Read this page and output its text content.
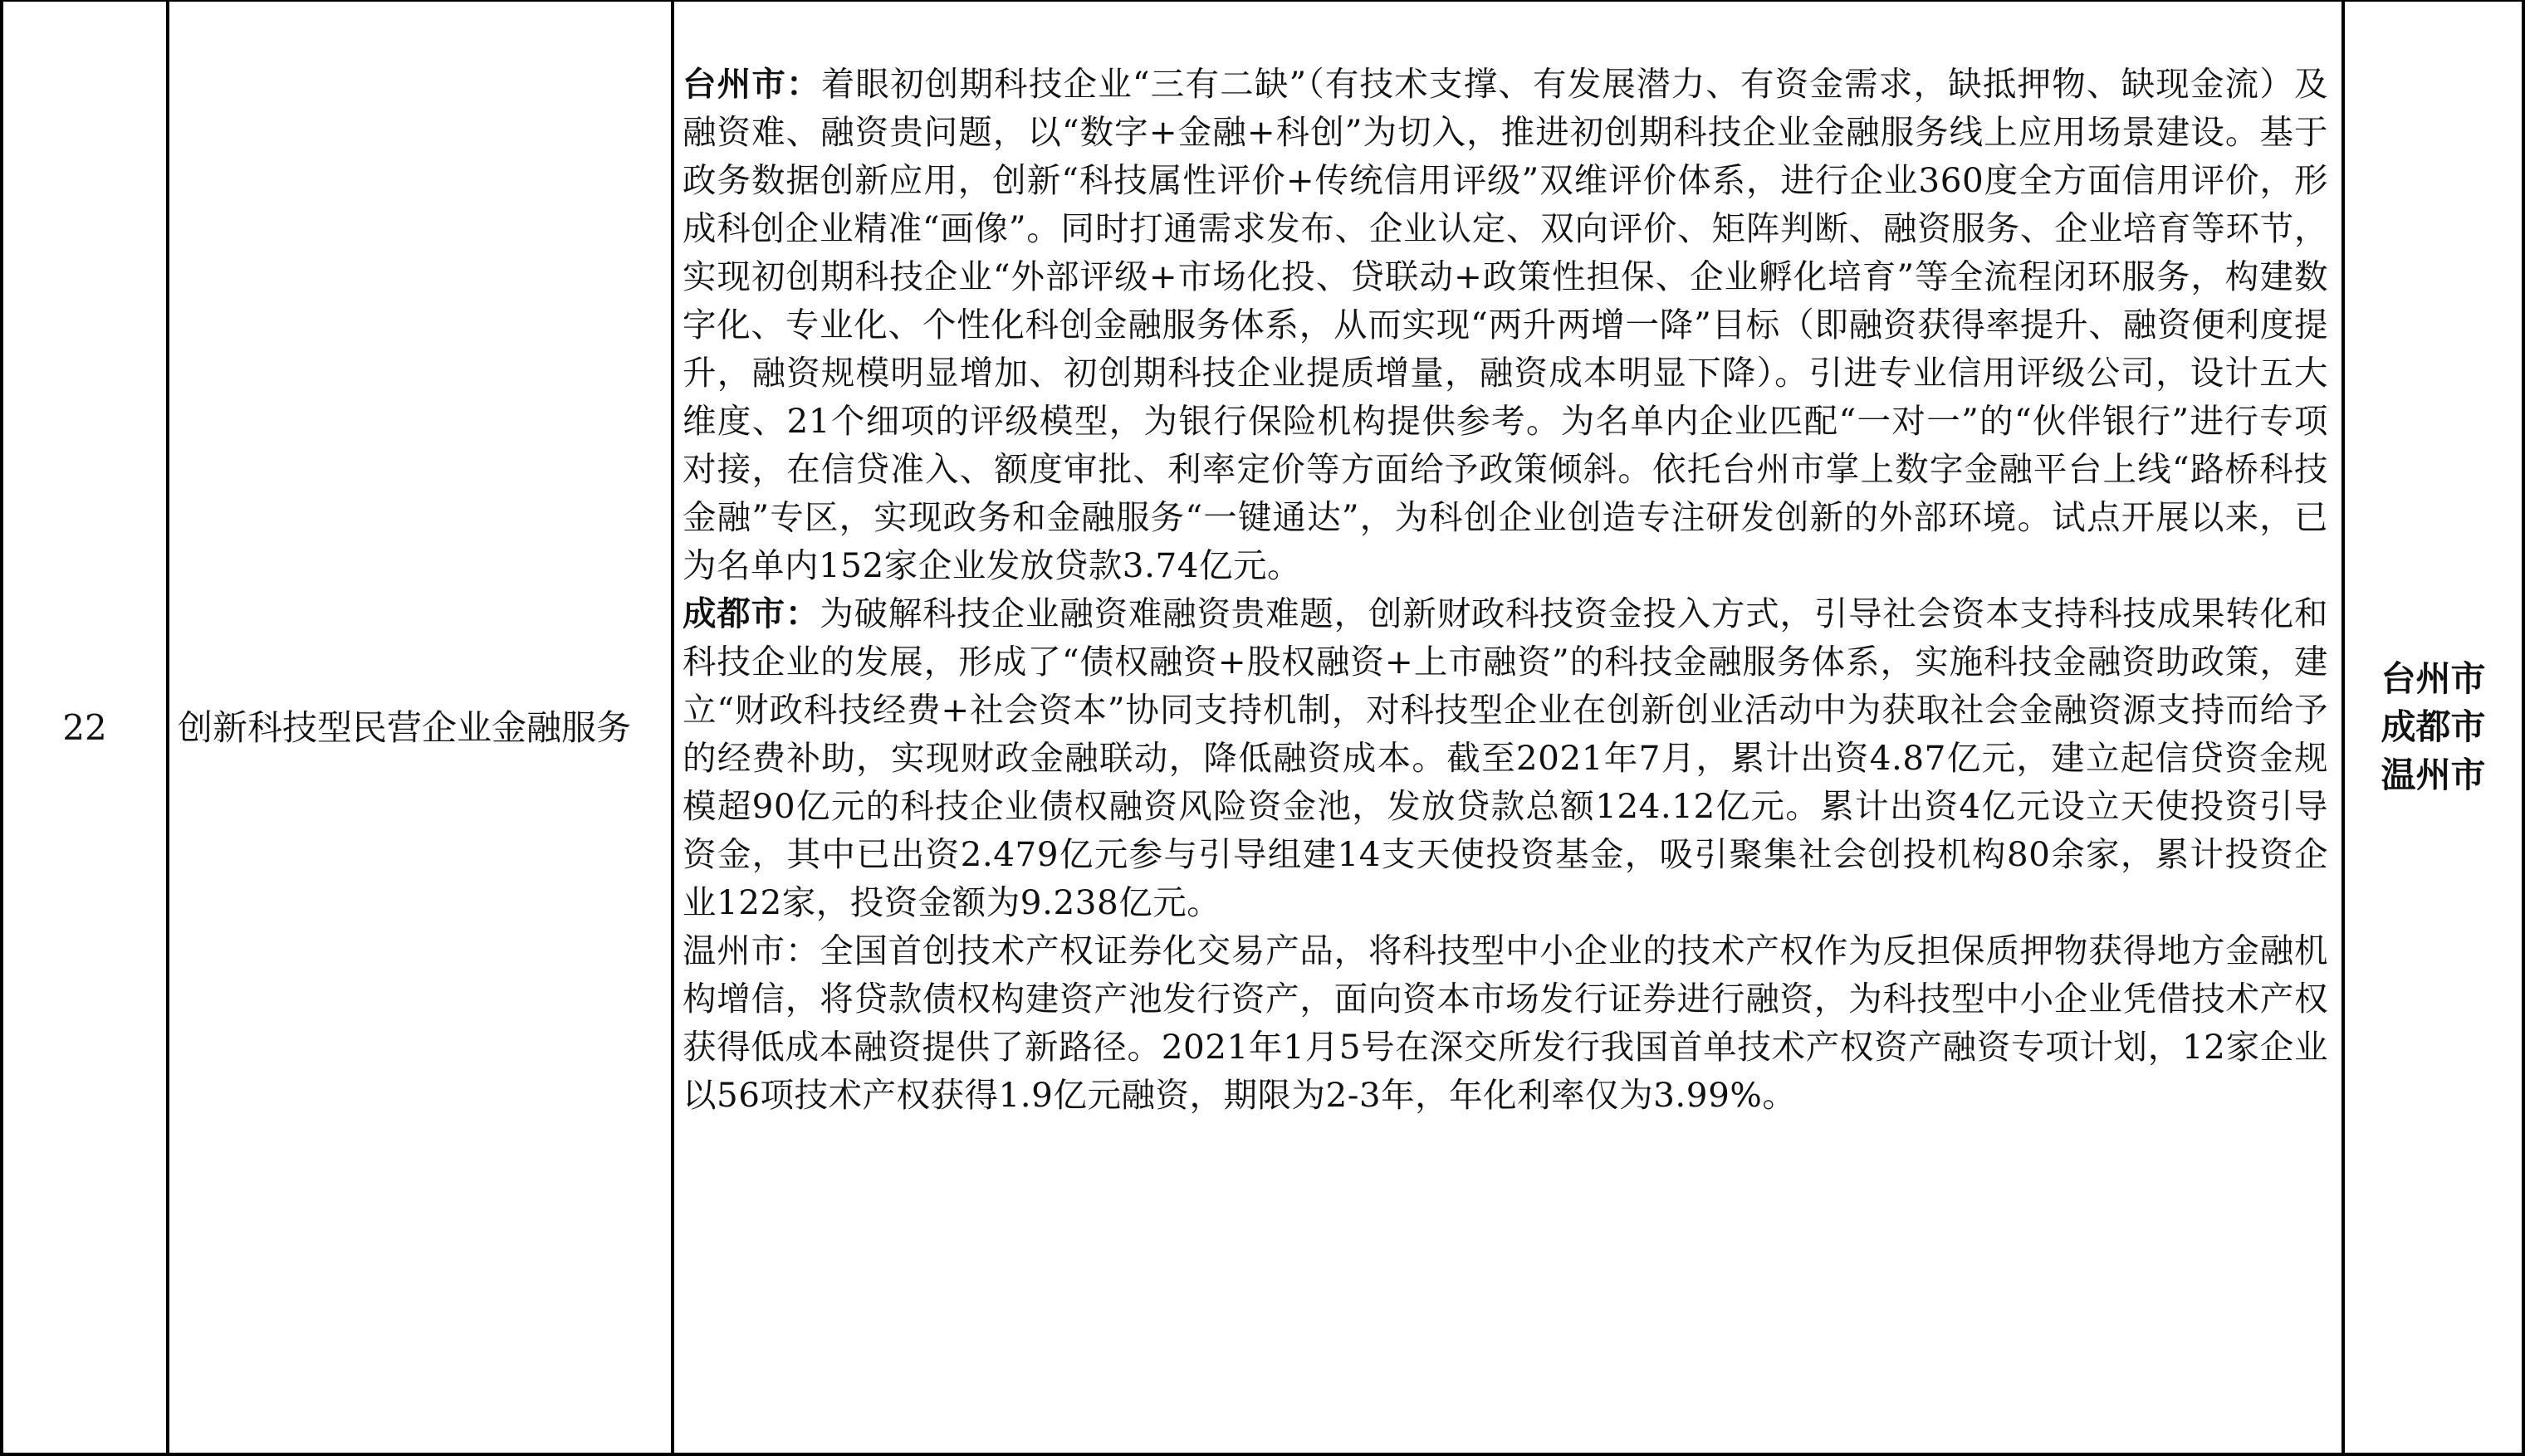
22 创新科技型民营企业金融服务

台州市：着眼初创期科技企业“三有二缺”（有技术支撑、有发展潜力、有资金需求，缺抵押物、缺现金流）及融资难、融资贵问题，以“数字+金融+科创”为切入，推进初创期科技企业金融服务线上应用场景建设。基于政务数据创新应用，创新“科技属性评价+传统信用评级”双维评价体系，进行企业360度全方面信用评价，形成科创企业精准“画像”。同时打通需求发布、企业认定、双向评价、矩阵判断、融资服务、企业培育等环节，实现初创期科技企业“外部评级+市场化投、贷联动+政策性担保、企业孵化培育”等全流程闭环服务，构建数字化、专业化、个性化科创金融服务体系，从而实现“两升两增一降”目标（即融资获得率提升、融资便利度提升，融资规模明显增加、初创期科技企业提质增量，融资成本明显下降）。引进专业信用评级公司，设计五大维度、21个细项的评级模型，为银行保险机构提供参考。为名单内企业匹配“一对一”的“伙伴银行”进行专项对接，在信贷准入、额度审批、利率定价等方面给予政策倾斜。依托台州市掌上数字金融平台上线“路桥科技金融”专区，实现政务和金融服务“一键通达”，为科创企业创造专注研发创新的外部环境。试点开展以来，已为名单内152家企业发放贷款3.74亿元。

成都市：为破解科技企业融资难融资贵难题，创新财政科技资金投入方式，引导社会资本支持科技成果转化和科技企业的发展，形成了“债权融资+股权融资+上市融资”的科技金融服务体系，实施科技金融资助政策，建立“财政科技经费+社会资本”协同支持机制，对科技型企业在创新创业活动中为获取社会金融资源支持而给予的经费补助，实现财政金融联动，降低融资成本。截至2021年7月，累计出资4.87亿元，建立起信贷资金规模超90亿元的科技企业债权融资风险资金池，发放贷款总额124.12亿元。累计出资4亿元设立天使投资引导资金，其中已出资2.479亿元参与引导组建14支天使投资基金，吸引聚集社会创投机构80余家，累计投资企业122家，投资金额为9.238亿元。

温州市：全国首创技术产权证券化交易产品，将科技型中小企业的技术产权作为反担保质押物获得地方金融机构增信，将贷款债权构建资产池发行资产，面向资本市场发行证券进行融资，为科技型中小企业凭借技术产权获得低成本融资提供了新路径。2021年1月5号在深交所发行我国首单技术产权资产融资专项计划，12家企业以56项技术产权获得1.9亿元融资，期限为2-3年，年化利率仅为3.99%。

台州市
成都市
温州市
